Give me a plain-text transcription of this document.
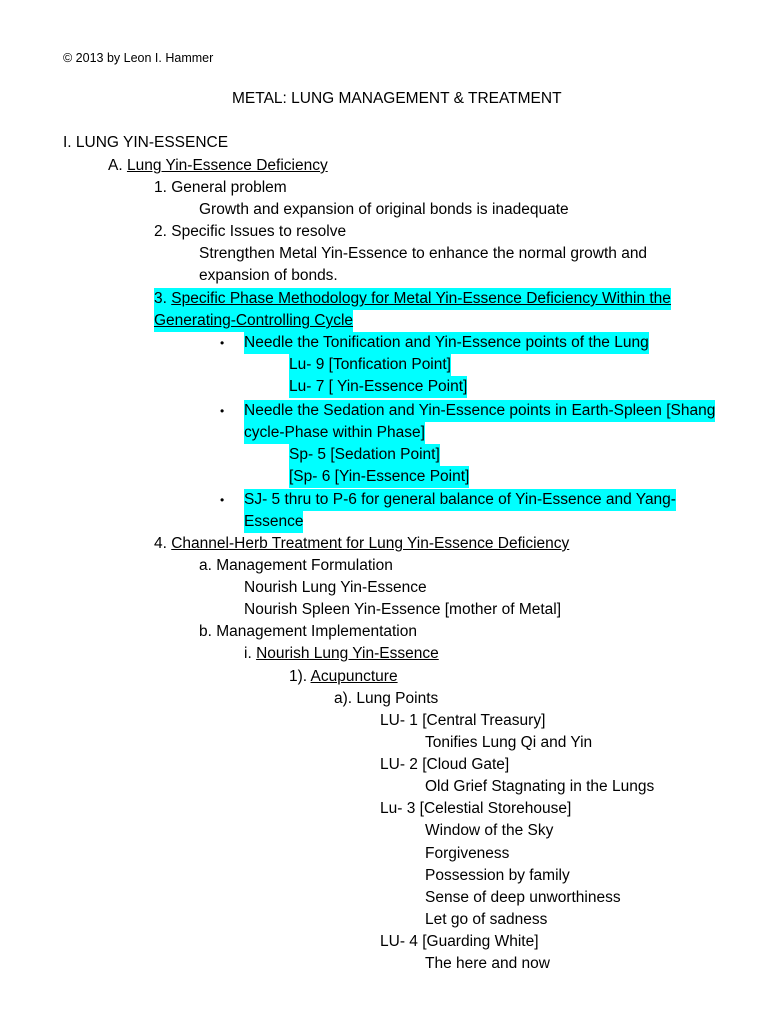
© 2013 by Leon I. Hammer
METAL: LUNG MANAGEMENT & TREATMENT
I. LUNG YIN-ESSENCE
A. Lung Yin-Essence Deficiency
1. General problem
Growth and expansion of original bonds is inadequate
2. Specific Issues to resolve
Strengthen Metal Yin-Essence to enhance the normal growth and
expansion of bonds.
3. Specific Phase Methodology for Metal Yin-Essence Deficiency Within the
Generating-Controlling Cycle
• Needle the Tonification and Yin-Essence points of the Lung
Lu- 9 [Tonfication Point]
Lu- 7 [ Yin-Essence Point]
• Needle the Sedation and Yin-Essence points in Earth-Spleen [Shang
cycle-Phase within Phase]
Sp- 5 [Sedation Point]
[Sp- 6 [Yin-Essence Point]
• SJ- 5 thru to P-6 for general balance of Yin-Essence and Yang-
Essence
4. Channel-Herb Treatment for Lung Yin-Essence Deficiency
a. Management Formulation
Nourish Lung Yin-Essence
Nourish Spleen Yin-Essence [mother of Metal]
b. Management Implementation
i. Nourish Lung Yin-Essence
1). Acupuncture
a). Lung Points
LU- 1 [Central Treasury]
Tonifies Lung Qi and Yin
LU- 2 [Cloud Gate]
Old Grief Stagnating in the Lungs
Lu- 3 [Celestial Storehouse]
Window of the Sky
Forgiveness
Possession by family
Sense of deep unworthiness
Let go of sadness
LU- 4 [Guarding White]
The here and now
